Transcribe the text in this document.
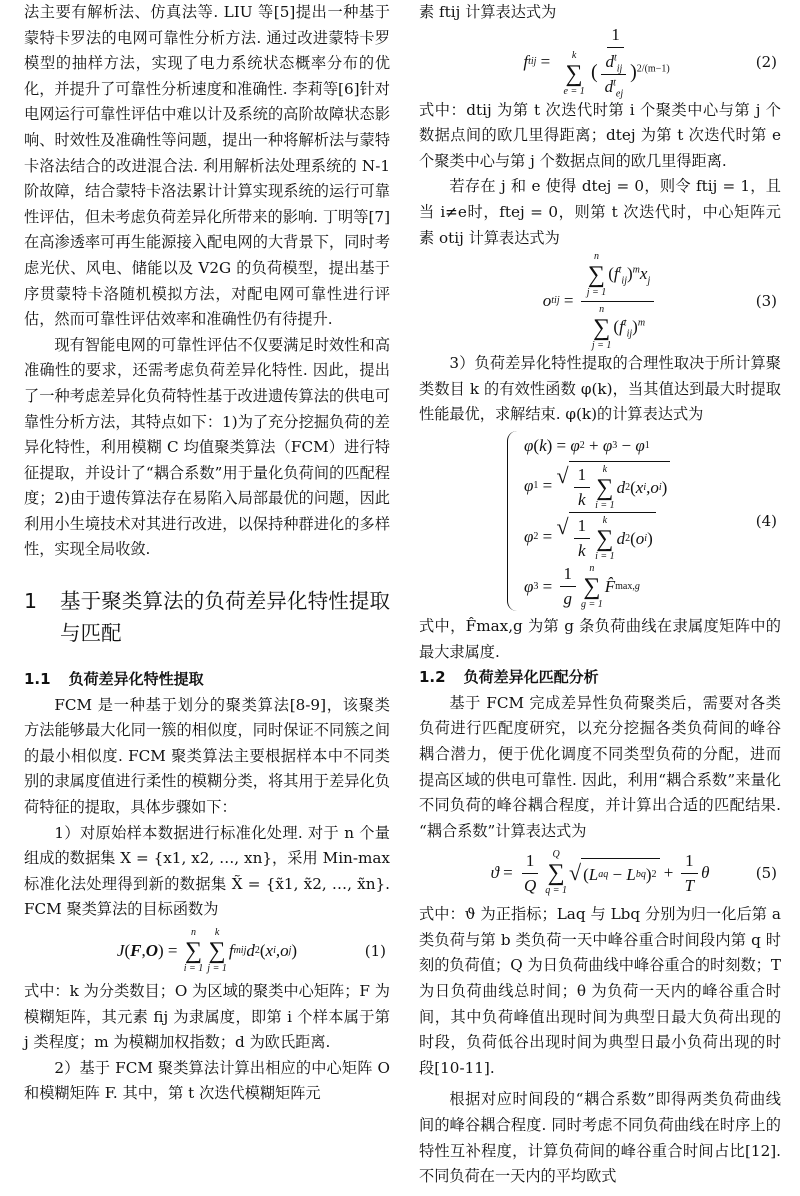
法主要有解析法、仿真法等. LIU 等[5]提出一种基于蒙特卡罗法的电网可靠性分析方法. 通过改进蒙特卡罗模型的抽样方法，实现了电力系统状态概率分布的优化，并提升了可靠性分析速度和准确性. 李莉等[6]针对电网运行可靠性评估中难以计及系统的高阶故障状态影响、时效性及准确性等问题，提出一种将解析法与蒙特卡洛法结合的改进混合法. 利用解析法处理系统的 N-1 阶故障，结合蒙特卡洛法累计计算实现系统的运行可靠性评估，但未考虑负荷差异化所带来的影响. 丁明等[7]在高渗透率可再生能源接入配电网的大背景下，同时考虑光伏、风电、储能以及 V2G 的负荷模型，提出基于序贯蒙特卡洛随机模拟方法，对配电网可靠性进行评估，然而可靠性评估效率和准确性仍有待提升.

现有智能电网的可靠性评估不仅要满足时效性和高准确性的要求，还需考虑负荷差异化特性. 因此，提出了一种考虑差异化负荷特性基于改进遗传算法的供电可靠性分析方法，其特点如下：1)为了充分挖掘负荷的差异化特性，利用模糊 C 均值聚类算法（FCM）进行特征提取，并设计了“耦合系数”用于量化负荷间的匹配程度；2)由于遗传算法存在易陷入局部最优的问题，因此利用小生境技术对其进行改进，以保持种群进化的多样性，实现全局收敛.

1	基于聚类算法的负荷差异化特性提取与匹配
1.1 负荷差异化特性提取

FCM 是一种基于划分的聚类算法[8-9]，该聚类方法能够最大化同一簇的相似度，同时保证不同簇之间的最小相似度. FCM 聚类算法主要根据样本中不同类别的隶属度值进行柔性的模糊分类，将其用于差异化负荷特征的提取，具体步骤如下：

1）对原始样本数据进行标准化处理. 对于 n 个量组成的数据集 X = {x1, x2, …, xn}，采用 Min-max 标准化法处理得到新的数据集 X̃ = {x̃1, x̃2, …, x̃n}. FCM 聚类算法的目标函数为

J ( F , O ) =
n
∑
i = 1
k
∑
j = 1
f m ij d 2 ( x i , o j )	(1)

式中：k 为分类数目；O 为区域的聚类中心矩阵；F 为模糊矩阵，其元素 fij 为隶属度，即第 i 个样本属于第 j 类程度；m 为模糊加权指数；d 为欧氏距离.

2）基于 FCM 聚类算法计算出相应的中心矩阵 O 和模糊矩阵 F. 其中，第 t 次迭代模糊矩阵元

素 ftij 计算表达式为

f t ij = 1
k
∑
e = 1
( $\frac{d^t_{ij}}{d^t_{ej}} )^{2/(m-1)}$	(2)

式中：dtij 为第 t 次迭代时第 i 个聚类中心与第 j 个数据点间的欧几里得距离；dtej 为第 t 次迭代时第 e 个聚类中心与第 j 个数据点间的欧几里得距离.

若存在 j 和 e 使得 dtej = 0，则令 ftij = 1，且当 i≠e时，ftej = 0，则第 t 次迭代时，中心矩阵元素 otij 计算表达式为

o t ij = n
∑
j = 1
$(f^t_{ij})^mx_j$
n
∑
j = 1
$(f^t_{ij})^m$	(3)

3）负荷差异化特性提取的合理性取决于所计算聚类数目 k 的有效性函数 φ(k)，当其值达到最大时提取性能最优，求解结束. φ(k)的计算表达式为

φ ( k ) = φ 2 + φ 3 − φ 1
φ 1 = √ $\frac{1}{k}$ k
∑
i = 1
d 2 ( x i , o i )
φ 2 = √ $\frac{1}{k}$ k
∑
i = 1
d 2 ( o i )
φ $3 = \frac{1}{g}$ n
∑
g = 1
F̂ max,g
(4)

式中，F̂max,g 为第 g 条负荷曲线在隶属度矩阵中的最大隶属度.

1.2 负荷差异化匹配分析

基于 FCM 完成差异性负荷聚类后，需要对各类负荷进行匹配度研究，以充分挖掘各类负荷间的峰谷耦合潜力，便于优化调度不同类型负荷的分配，进而提高区域的供电可靠性. 因此，利用“耦合系数”来量化不同负荷的峰谷耦合程度，并计算出合适的匹配结果. “耦合系数”计算表达式为

$ϑ = \frac{1}{Q}$ Q
∑
q = 1
√ ( L aq − L bq ) $2 + \frac{1}{T}$ θ	(5)

式中：ϑ 为正指标；Laq 与 Lbq 分别为归一化后第 a 类负荷与第 b 类负荷一天中峰谷重合时间段内第 q 时刻的负荷值；Q 为日负荷曲线中峰谷重合的时刻数；T 为日负荷曲线总时间；θ 为负荷一天内的峰谷重合时间，其中负荷峰值出现时间为典型日最大负荷出现的时段，负荷低谷出现时间为典型日最小负荷出现的时段[10-11].

根据对应时间段的“耦合系数”即得两类负荷曲线间的峰谷耦合程度. 同时考虑不同负荷曲线在时序上的特性互补程度，计算负荷间的峰谷重合时间占比[12]. 不同负荷在一天内的平均欧式
